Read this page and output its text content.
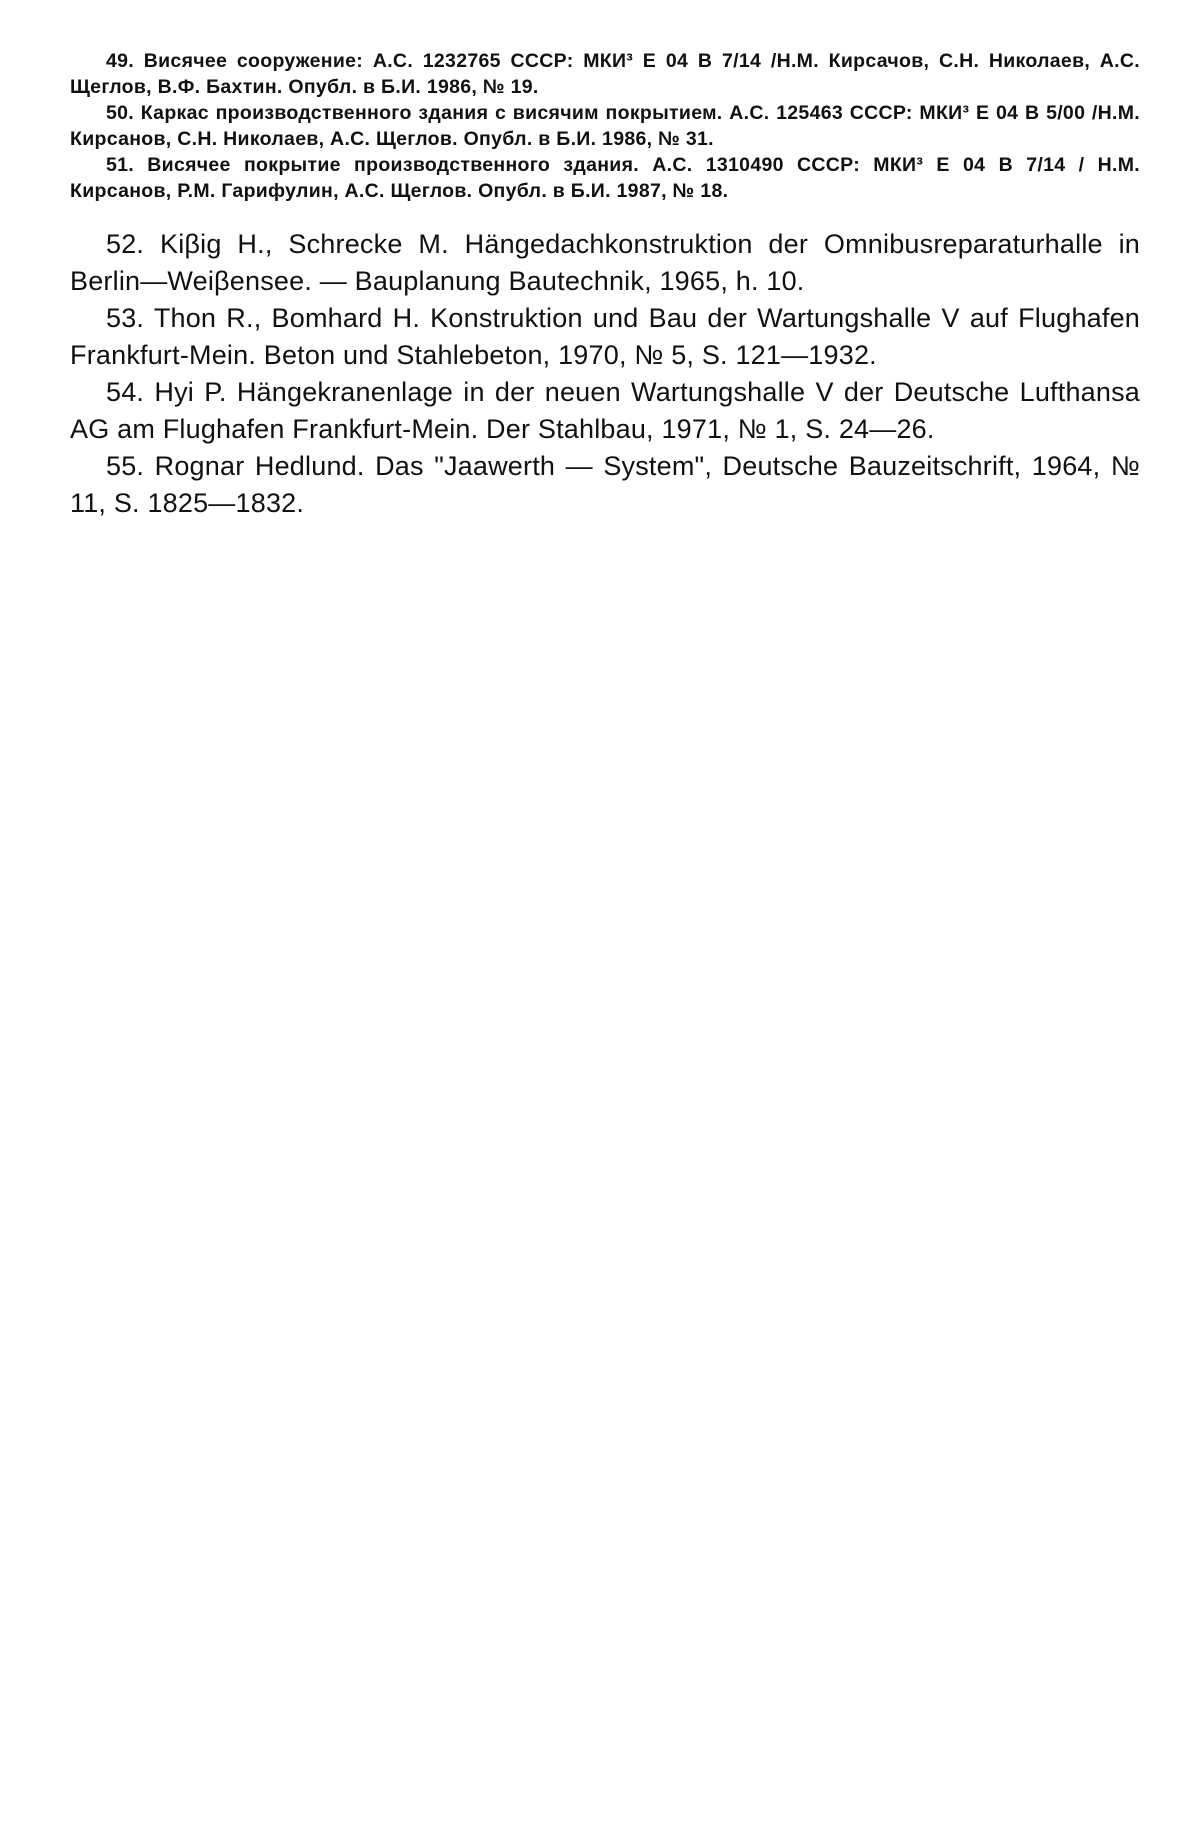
49. Висячее сооружение: А.С. 1232765 СССР: МКИ³ Е 04 В 7/14 /Н.М. Кирсачов, С.Н. Николаев, А.С. Щеглов, В.Ф. Бахтин. Опубл. в Б.И. 1986, № 19.

50. Каркас производственного здания с висячим покрытием. А.С. 125463 СССР: МКИ³ Е 04 В 5/00 /Н.М. Кирсанов, С.Н. Николаев, А.С. Щеглов. Опубл. в Б.И. 1986, № 31.

51. Висячее покрытие производственного здания. А.С. 1310490 СССР: МКИ³ Е 04 В 7/14 / Н.М. Кирсанов, Р.М. Гарифулин, А.С. Щеглов. Опубл. в Б.И. 1987, № 18.

52. Kiβig H., Schrecke M. Hängedachkonstruktion der Omnibusreparaturhalle in Berlin—Weiβensee. — Bauplanung Bautechnik, 1965, h. 10.

53. Thon R., Bomhard H. Konstruktion und Bau der Wartungshalle V auf Flughafen Frankfurt-Mein. Beton und Stahlebeton, 1970, № 5, S. 121—1932.

54. Hyi P. Hängekranenlage in der neuen Wartungshalle V der Deutsche Lufthansa AG am Flughafen Frankfurt-Mein. Der Stahlbau, 1971, № 1, S. 24—26.

55. Rognar Hedlund. Das "Jaawerth — System", Deutsche Bauzeitschrift, 1964, № 11, S. 1825—1832.
